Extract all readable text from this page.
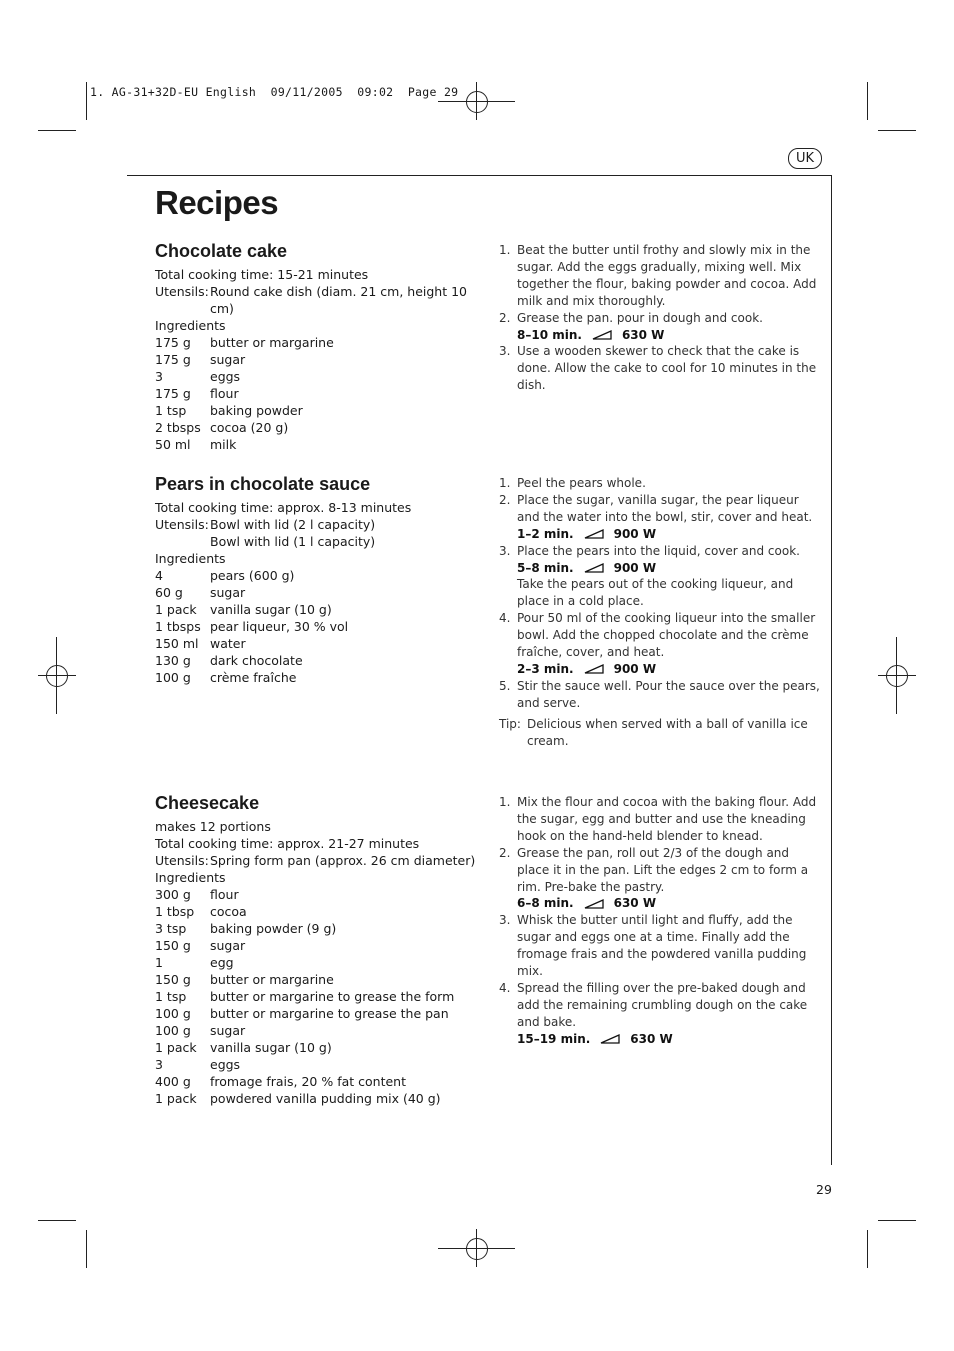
1. AG-31+32D-EU English  09/11/2005  09:02  Page 29
UK
Recipes
Chocolate cake
Total cooking time: 15-21 minutes
Utensils: Round cake dish (diam. 21 cm, height 10 cm)
Ingredients
175 g	butter or margarine
175 g	sugar
3	eggs
175 g	flour
1 tsp	baking powder
2 tbsps cocoa (20 g)
50 ml	milk
1. Beat the butter until frothy and slowly mix in the sugar. Add the eggs gradually, mixing well. Mix together the flour, baking powder and cocoa. Add milk and mix thoroughly.
2. Grease the pan. pour in dough and cook.
8–10 min.	630 W
3. Use a wooden skewer to check that the cake is done. Allow the cake to cool for 10 minutes in the dish.
Pears in chocolate sauce
Total cooking time: approx. 8-13 minutes
Utensils: Bowl with lid (2 l capacity)
Bowl with lid (1 l capacity)
Ingredients
4	pears (600 g)
60 g	sugar
1 pack	vanilla sugar (10 g)
1 tbsps pear liqueur, 30 % vol
150 ml water
130 g	dark chocolate
100 g	crème fraîche
1. Peel the pears whole.
2. Place the sugar, vanilla sugar, the pear liqueur and the water into the bowl, stir, cover and heat.
1–2 min.	900 W
3. Place the pears into the liquid, cover and cook.
5–8 min.	900 W
Take the pears out of the cooking liqueur, and place in a cold place.
4. Pour 50 ml of the cooking liqueur into the smaller bowl. Add the chopped chocolate and the crème fraîche, cover, and heat.
2–3 min.	900 W
5. Stir the sauce well. Pour the sauce over the pears, and serve.
Tip: Delicious when served with a ball of vanilla ice cream.
Cheesecake
makes 12 portions
Total cooking time: approx. 21-27 minutes
Utensils: Spring form pan (approx. 26 cm diameter)
Ingredients
300 g	flour
1 tbsp	cocoa
3 tsp	baking powder (9 g)
150 g	sugar
1	egg
150 g	butter or margarine
1 tsp	butter or margarine to grease the form
100 g	butter or margarine to grease the pan
100 g	sugar
1 pack	vanilla sugar (10 g)
3	eggs
400 g	fromage frais, 20 % fat content
1 pack	powdered vanilla pudding mix (40 g)
1. Mix the flour and cocoa with the baking flour. Add the sugar, egg and butter and use the kneading hook on the hand-held blender to knead.
2. Grease the pan, roll out 2/3 of the dough and place it in the pan. Lift the edges 2 cm to form a rim. Pre-bake the pastry.
6–8 min.	630 W
3. Whisk the butter until light and fluffy, add the sugar and eggs one at a time. Finally add the fromage frais and the powdered vanilla pudding mix.
4. Spread the filling over the pre-baked dough and add the remaining crumbling dough on the cake and bake.
15–19 min.	630 W
29
